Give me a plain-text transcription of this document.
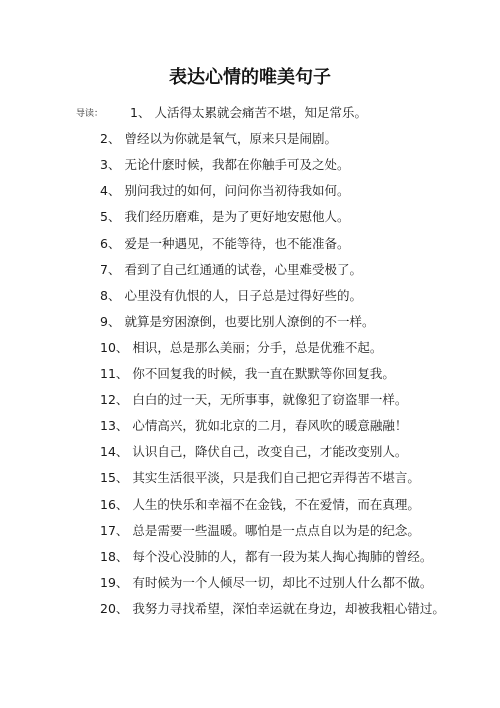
表达心情的唯美句子
导读： 1、 人活得太累就会痛苦不堪，知足常乐。
2、 曾经以为你就是氧气，原来只是闹剧。
3、 无论什麽时候，我都在你触手可及之处。
4、 别问我过的如何，问问你当初待我如何。
5、 我们经历磨难，是为了更好地安慰他人。
6、 爱是一种遇见，不能等待，也不能准备。
7、 看到了自己红通通的试卷，心里难受极了。
8、 心里没有仇恨的人，日子总是过得好些的。
9、 就算是穷困潦倒，也要比别人潦倒的不一样。
10、 相识，总是那么美丽；分手，总是优雅不起。
11、 你不回复我的时候，我一直在默默等你回复我。
12、 白白的过一天，无所事事，就像犯了窃盗罪一样。
13、 心情高兴，犹如北京的二月，春风吹的暖意融融！
14、 认识自己，降伏自己，改变自己，才能改变别人。
15、 其实生活很平淡，只是我们自己把它弄得苦不堪言。
16、 人生的快乐和幸福不在金钱，不在爱情，而在真理。
17、 总是需要一些温暖。哪怕是一点点自以为是的纪念。
18、 每个没心没肺的人，都有一段为某人掏心掏肺的曾经。
19、 有时候为一个人倾尽一切，却比不过别人什么都不做。
20、 我努力寻找希望，深怕幸运就在身边，却被我粗心错过。
